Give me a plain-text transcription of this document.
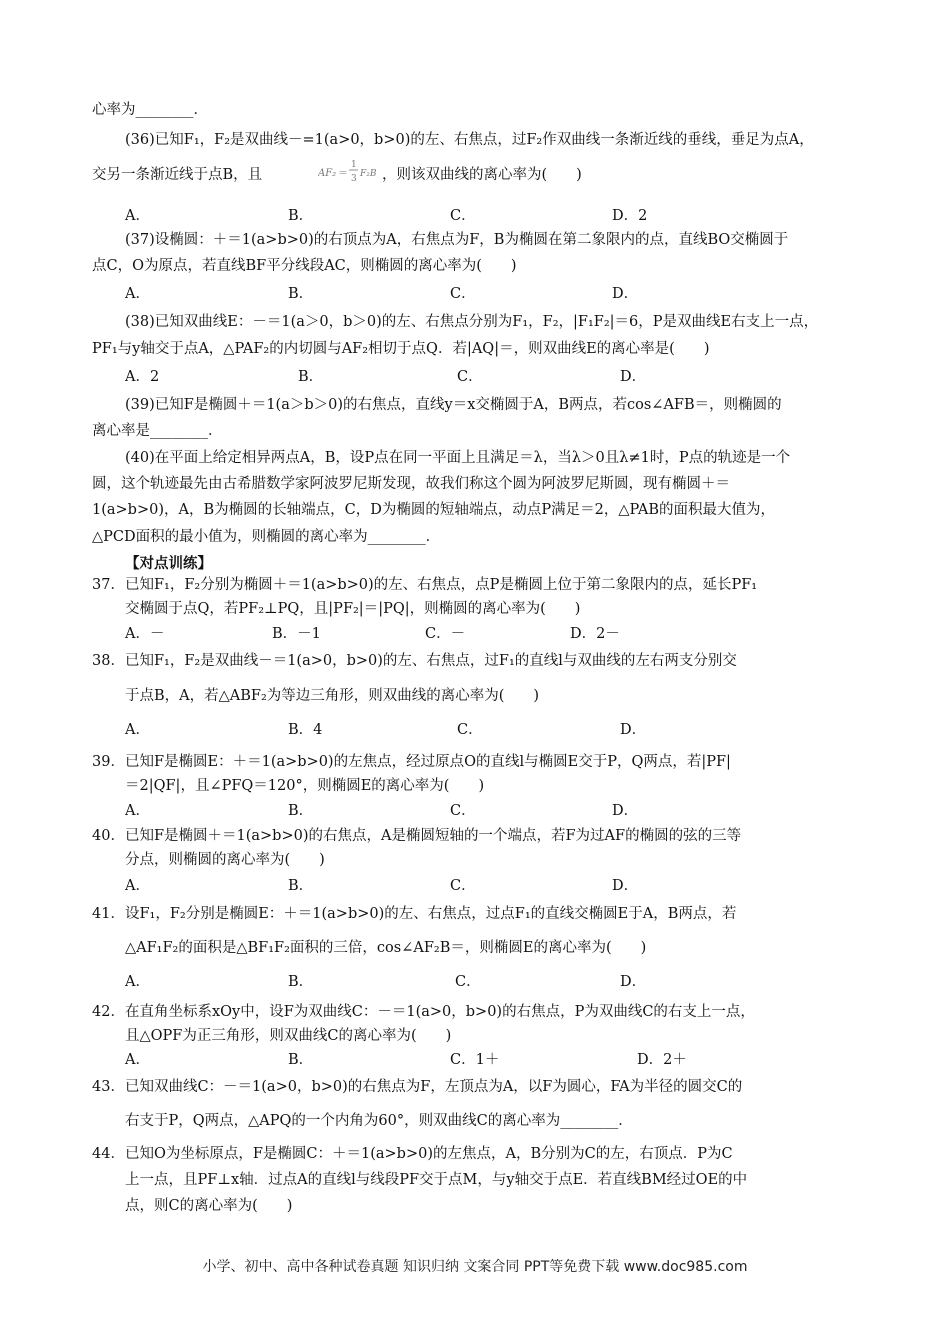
心率为________．
(36)已知F₁，F₂是双曲线－=1(a>0，b>0)的左、右焦点，过F₂作双曲线一条渐近线的垂线，垂足为点A，
交另一条渐近线于点B，且	AF₂ ＝
1
3 F₂B ，则该双曲线的离心率为(　　)
A．	B．	C．	D．2
(37)设椭圆：＋＝1(a>b>0)的右顶点为A，右焦点为F，B为椭圆在第二象限内的点，直线BO交椭圆于
点C，O为原点，若直线BF平分线段AC，则椭圆的离心率为(　　)
A．	B．	C．	D．
(38)已知双曲线E：－＝1(a＞0，b＞0)的左、右焦点分别为F₁，F₂，|F₁F₂|＝6，P是双曲线E右支上一点，
PF₁与y轴交于点A，△PAF₂的内切圆与AF₂相切于点Q．若|AQ|＝，则双曲线E的离心率是(　　)
A．2	B．	C．	D．
(39)已知F是椭圆＋＝1(a＞b＞0)的右焦点，直线y＝x交椭圆于A，B两点，若cos∠AFB＝，则椭圆的
离心率是________．
(40)在平面上给定相异两点A，B，设P点在同一平面上且满足＝λ，当λ＞0且λ≠1时，P点的轨迹是一个
圆，这个轨迹最先由古希腊数学家阿波罗尼斯发现，故我们称这个圆为阿波罗尼斯圆，现有椭圆＋＝
1(a>b>0)，A，B为椭圆的长轴端点，C，D为椭圆的短轴端点，动点P满足＝2，△PAB的面积最大值为，
△PCD面积的最小值为，则椭圆的离心率为________．
【对点训练】
37．已知F₁，F₂分别为椭圆＋＝1(a>b>0)的左、右焦点，点P是椭圆上位于第二象限内的点，延长PF₁
交椭圆于点Q，若PF₂⊥PQ，且|PF₂|＝|PQ|，则椭圆的离心率为(　　)
A．－	B．－1	C．－	D．2－
38．已知F₁，F₂是双曲线－＝1(a>0，b>0)的左、右焦点，过F₁的直线l与双曲线的左右两支分别交
于点B，A，若△ABF₂为等边三角形，则双曲线的离心率为(　　)
A．	B．4	C．	D．
39．已知F是椭圆E：＋＝1(a>b>0)的左焦点，经过原点O的直线l与椭圆E交于P，Q两点，若|PF|
＝2|QF|，且∠PFQ＝120°，则椭圆E的离心率为(　　)
A．	B．	C．	D．
40．已知F是椭圆＋＝1(a>b>0)的右焦点，A是椭圆短轴的一个端点，若F为过AF的椭圆的弦的三等
分点，则椭圆的离心率为(　　)
A．	B．	C．	D．
41．设F₁，F₂分别是椭圆E：＋＝1(a>b>0)的左、右焦点，过点F₁的直线交椭圆E于A，B两点，若
△AF₁F₂的面积是△BF₁F₂面积的三倍，cos∠AF₂B＝，则椭圆E的离心率为(　　)
A．	B．	C．	D．
42．在直角坐标系xOy中，设F为双曲线C：－＝1(a>0，b>0)的右焦点，P为双曲线C的右支上一点，
且△OPF为正三角形，则双曲线C的离心率为(　　)
A．	B．	C．1＋	D．2＋
43．已知双曲线C：－＝1(a>0，b>0)的右焦点为F，左顶点为A，以F为圆心，FA为半径的圆交C的
右支于P，Q两点，△APQ的一个内角为60°，则双曲线C的离心率为________．
44．已知O为坐标原点，F是椭圆C：＋＝1(a>b>0)的左焦点，A，B分别为C的左，右顶点．P为C
上一点，且PF⊥x轴．过点A的直线l与线段PF交于点M，与y轴交于点E．若直线BM经过OE的中
点，则C的离心率为(　　)
小学、初中、高中各种试卷真题 知识归纳 文案合同 PPT等免费下载 www.doc985.com
